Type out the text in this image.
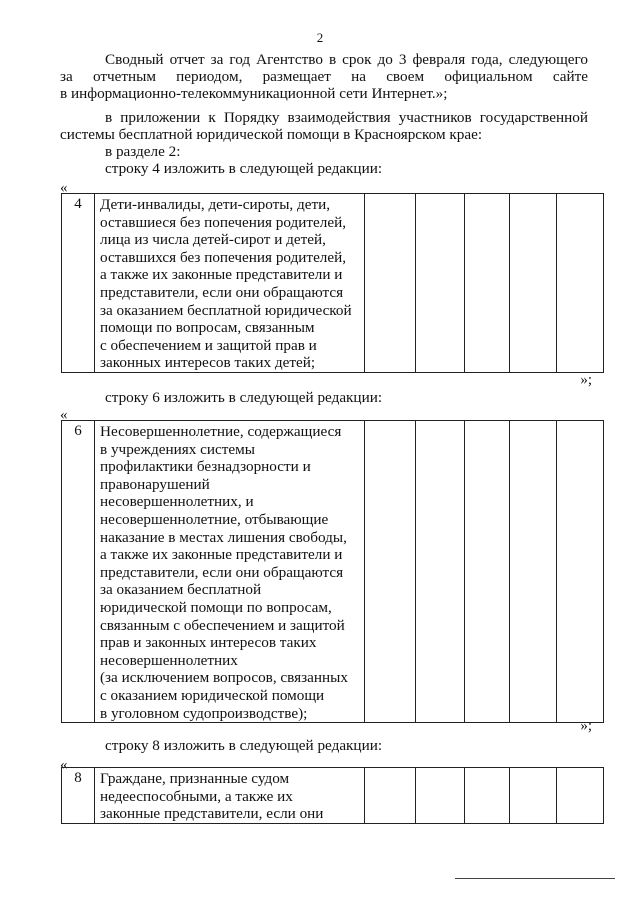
2
Сводный отчет за год Агентство в срок до 3 февраля года, следующего
за отчетным периодом, размещает на своем официальном сайте
в информационно-телекоммуникационной сети Интернет.»;
в приложении к Порядку взаимодействия участников государственной
системы бесплатной юридической помощи в Красноярском крае:
в разделе 2:
строку 4 изложить в следующей редакции:
«
4	Дети-инвалиды, дети-сироты, дети,
оставшиеся без попечения родителей,
лица из числа детей-сирот и детей,
оставшихся без попечения родителей,
а также их законные представители и
представители, если они обращаются
за оказанием бесплатной юридической
помощи по вопросам, связанным
с обеспечением и защитой прав и
законных интересов таких детей;

»;
строку 6 изложить в следующей редакции:
«
6	Несовершеннолетние, содержащиеся
в учреждениях системы
профилактики безнадзорности и
правонарушений
несовершеннолетних, и
несовершеннолетние, отбывающие
наказание в местах лишения свободы,
а также их законные представители и
представители, если они обращаются
за оказанием бесплатной
юридической помощи по вопросам,
связанным с обеспечением и защитой
прав и законных интересов таких
несовершеннолетних
(за исключением вопросов, связанных
с оказанием юридической помощи
в уголовном судопроизводстве);

»;
строку 8 изложить в следующей редакции:
«
8	Граждане, признанные судом
недееспособными, а также их
законные представители, если они
